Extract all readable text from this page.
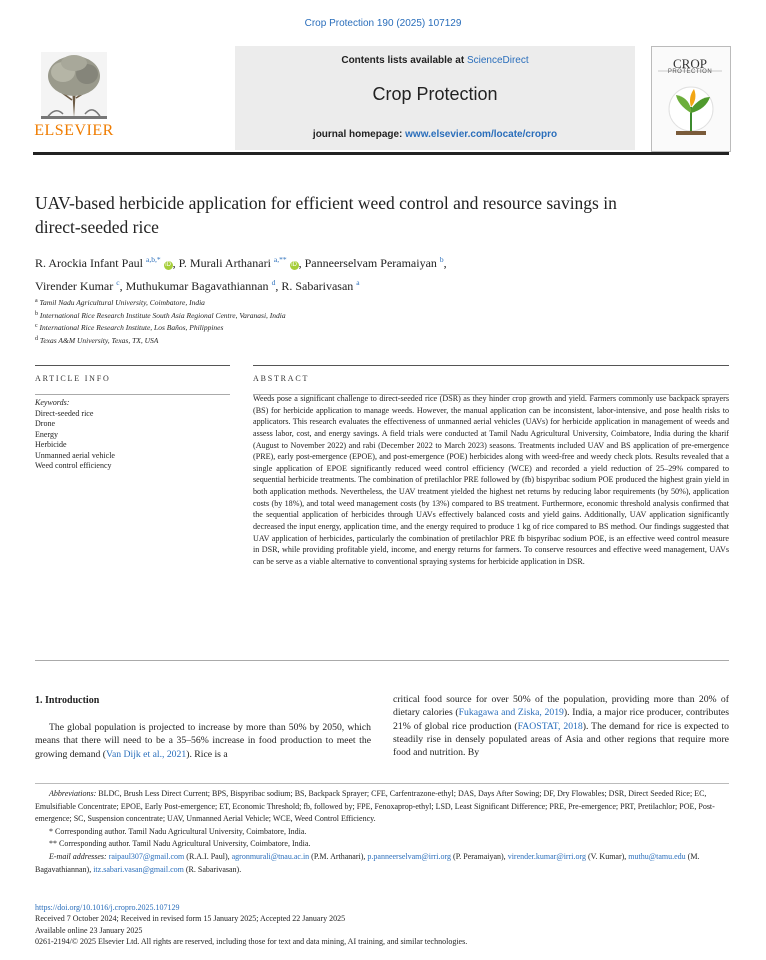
Crop Protection 190 (2025) 107129
ELSEVIER
Contents lists available at ScienceDirect
Crop Protection
journal homepage: www.elsevier.com/locate/cropro
CROP
PROTECTION
UAV-based herbicide application for efficient weed control and resource savings in direct-seeded rice
R. Arockia Infant Paul $^{a,b,*}$ iD , P. Murali Arthanari $^{a,**}$ iD , Panneerselvam Peramaiyan $^b$,
Virender Kumar $^c$, Muthukumar Bagavathiannan $^d$, R. Sabarivasan $^a$
$^a$ Tamil Nadu Agricultural University, Coimbatore, India
$^b$ International Rice Research Institute South Asia Regional Centre, Varanasi, India
$^c$ International Rice Research Institute, Los Baños, Philippines
$^d$ Texas A&M University, Texas, TX, USA
ARTICLE INFO	ABSTRACT
Keywords:
Direct-seeded rice
Drone
Energy
Herbicide
Unmanned aerial vehicle
Weed control efficiency
Weeds pose a significant challenge to direct-seeded rice (DSR) as they hinder crop growth and yield. Farmers commonly use backpack sprayers (BS) for herbicide application to manage weeds. However, the manual application can be inconsistent, labor-intensive, and pose health risks to applicators. This research evaluates the effectiveness of unmanned aerial vehicles (UAVs) for herbicide application in management of weeds and assess labor, cost, and energy savings. A field trials were conducted at Tamil Nadu Agricultural University, Coimbatore, India during the kharif (August to November 2022) and rabi (December 2022 to March 2023) seasons. Treatments included UAV and BS application of pre-emergence (PRE), early post-emergence (EPOE), and post-emergence (POE) herbicides along with weed-free and weedy check plots. Results revealed that a single application of EPOE significantly reduced weed control efficiency (WCE) and recorded a yield reduction of 25–29% compared to sequential herbicide treatments. The combination of pretilachlor PRE followed by (fb) bispyribac sodium POE produced the highest grain yield in both application methods. Nevertheless, the UAV treatment yielded the highest net returns by reducing labor requirements (by 50%), application costs (by 18%), and total weed management costs (by 13%) compared to BS treatment. Furthermore, economic threshold analysis confirmed that the sequential application of herbicides through UAVs effectively balanced costs and yield gains. Additionally, UAV application significantly decreased the input energy, application time, and the energy required to produce 1 kg of rice compared to BS method. Our findings suggested that UAV application of herbicides, particularly the combination of pretilachlor PRE fb bispyribac sodium POE, is an effective weed control measure in DSR, while providing profitable yield, income, and energy returns for farmers. To conserve resources and effective weed management, UAVs can be serve as a viable alternative to conventional spraying systems for herbicide application in DSR.
1. Introduction
The global population is projected to increase by more than 50% by 2050, which means that there will need to be a 35–56% increase in food production to meet the growing demand (Van Dijk et al., 2021). Rice is a
critical food source for over 50% of the population, providing more than 20% of dietary calories (Fukagawa and Ziska, 2019). India, a major rice producer, contributes 21% of global rice production (FAOSTAT, 2018). The demand for rice is expected to steadily rise in densely populated areas of Asia and other regions that require more food and nutrition. By

Abbreviations: BLDC, Brush Less Direct Current; BPS, Bispyribac sodium; BS, Backpack Sprayer; CFE, Carfentrazone-ethyl; DAS, Days After Sowing; DF, Dry Flowables; DSR, Direct Seeded Rice; EC, Emulsifiable Concentrate; EPOE, Early Post-emergence; ET, Economic Threshold; fb, followed by; FPE, Fenoxaprop-ethyl; LSD, Least Significant Difference; PRE, Pre-emergence; PRT, Pretilachlor; POE, Post-emergence; SC, Suspension concentrate; UAV, Unmanned Aerial Vehicle; WCE, Weed Control Efficiency.

* Corresponding author. Tamil Nadu Agricultural University, Coimbatore, India.

** Corresponding author. Tamil Nadu Agricultural University, Coimbatore, India.

E-mail addresses: raipaul307@gmail.com (R.A.I. Paul), agronmurali@tnau.ac.in (P.M. Arthanari), p.panneerselvam@irri.org (P. Peramaiyan), virender.kumar@irri.org (V. Kumar), muthu@tamu.edu (M. Bagavathiannan), itz.sabari.vasan@gmail.com (R. Sabarivasan).

https://doi.org/10.1016/j.cropro.2025.107129

Received 7 October 2024; Received in revised form 15 January 2025; Accepted 22 January 2025

Available online 23 January 2025

0261-2194/© 2025 Elsevier Ltd. All rights are reserved, including those for text and data mining, AI training, and similar technologies.
